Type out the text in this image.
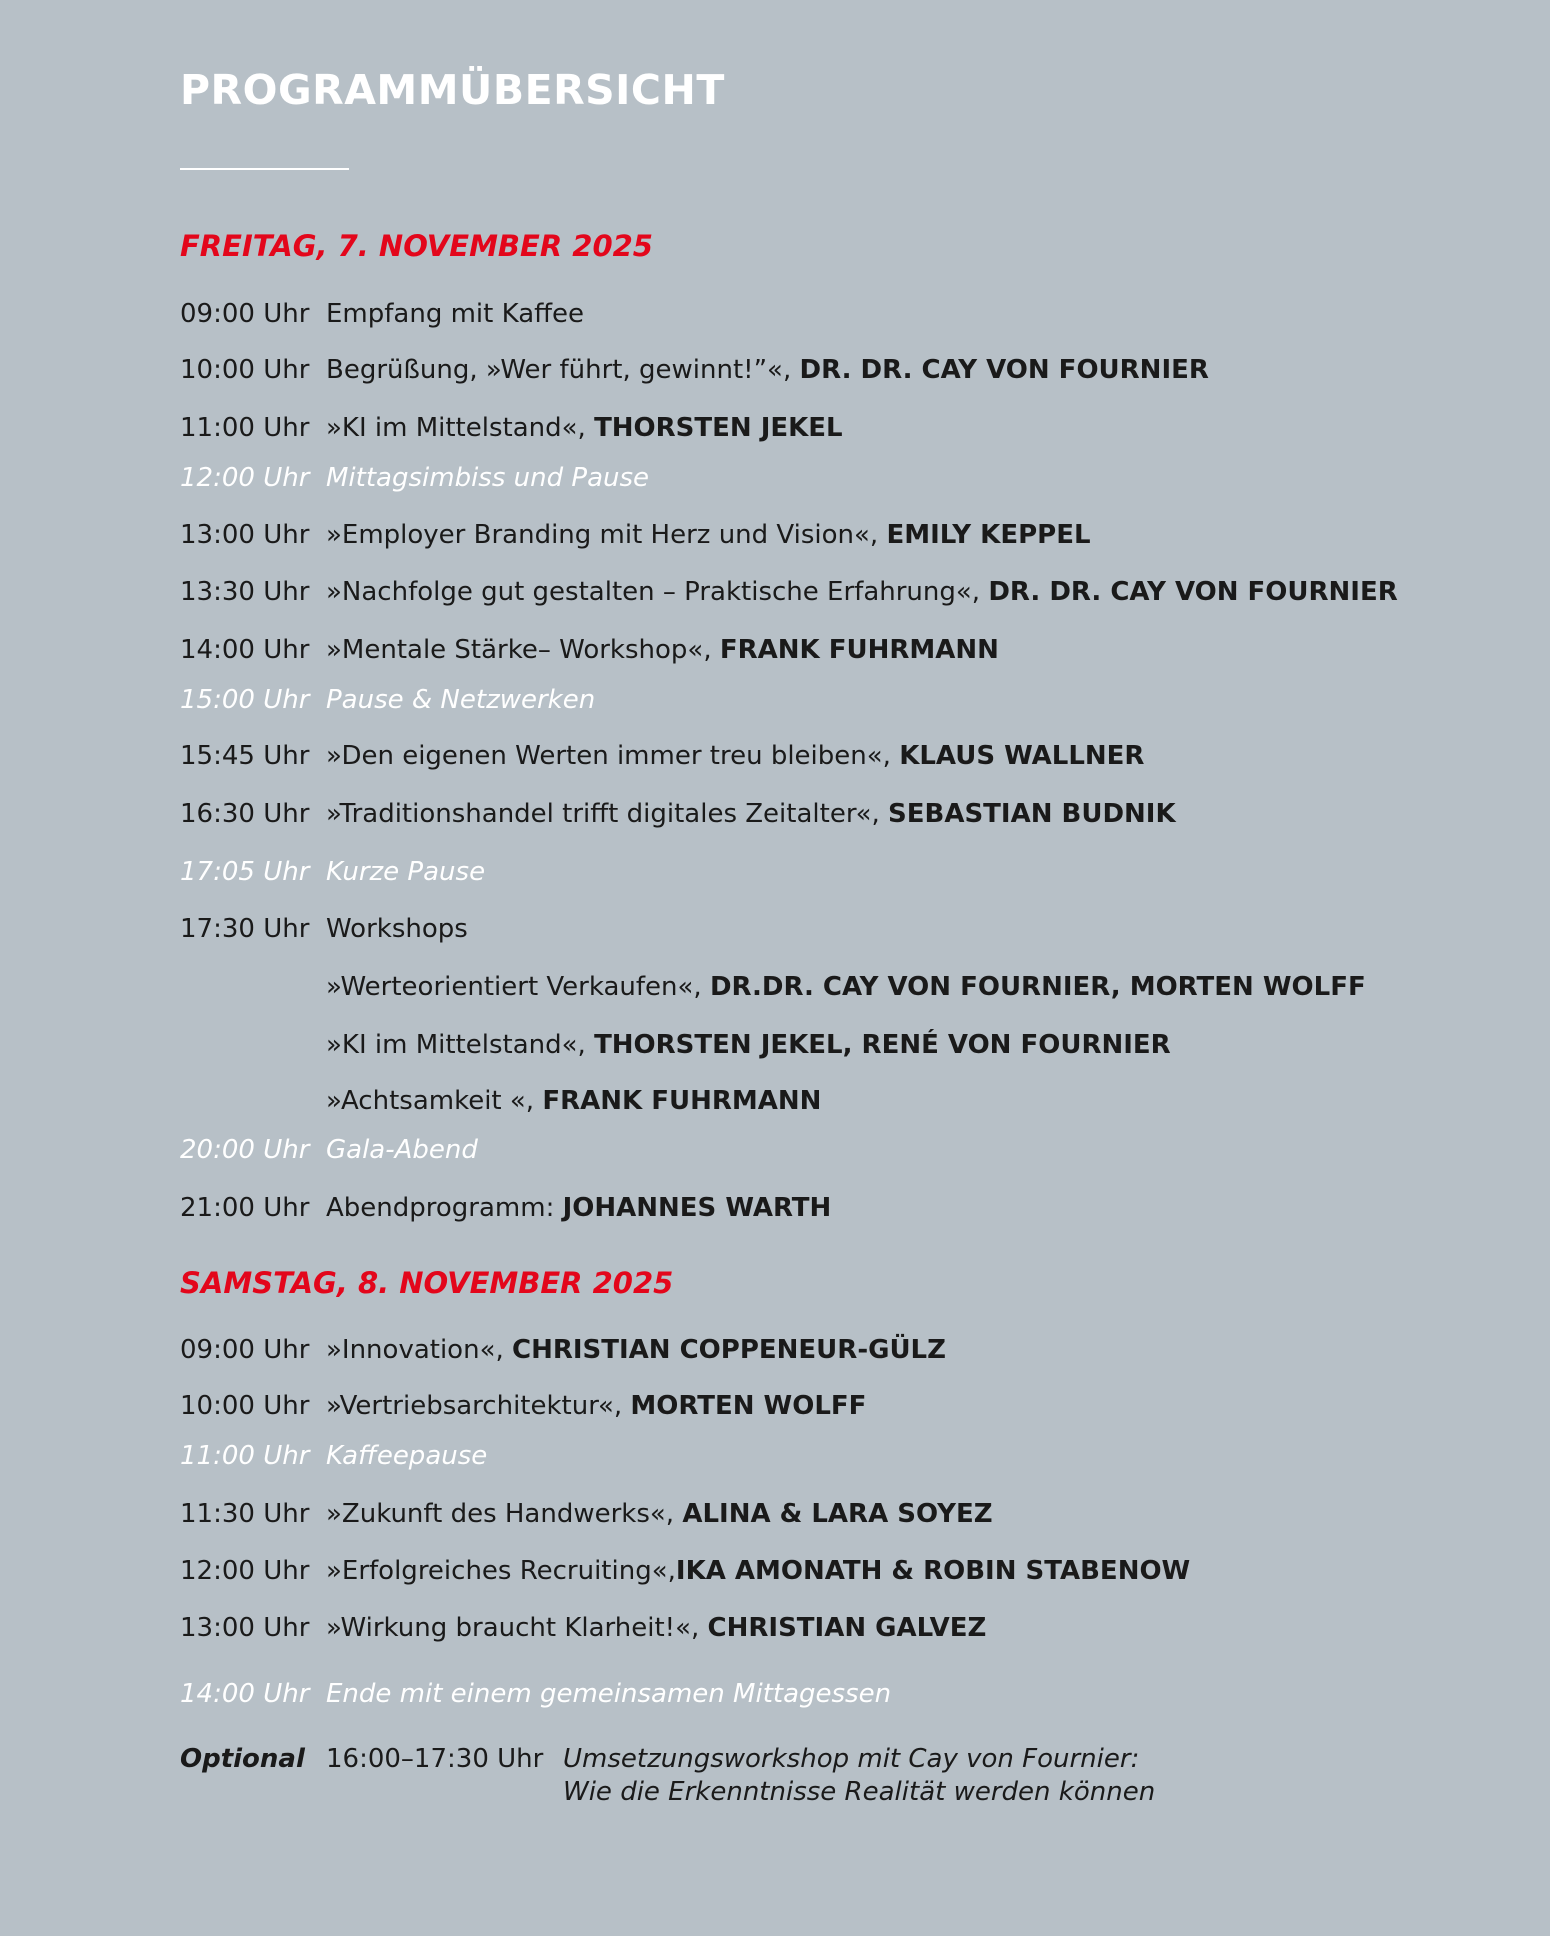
PROGRAMMÜBERSICHT
FREITAG, 7. NOVEMBER 2025
09:00 Uhr Empfang mit Kaffee
10:00 Uhr Begrüßung, »Wer führt, gewinnt!”«, DR. DR. CAY VON FOURNIER
11:00 Uhr »KI im Mittelstand«, THORSTEN JEKEL
12:00 Uhr Mittagsimbiss und Pause
13:00 Uhr »Employer Branding mit Herz und Vision«, EMILY KEPPEL
13:30 Uhr »Nachfolge gut gestalten – Praktische Erfahrung«, DR. DR. CAY VON FOURNIER
14:00 Uhr »Mentale Stärke– Workshop«, FRANK FUHRMANN
15:00 Uhr Pause & Netzwerken
15:45 Uhr »Den eigenen Werten immer treu bleiben«, KLAUS WALLNER
16:30 Uhr »Traditionshandel trifft digitales Zeitalter«, SEBASTIAN BUDNIK
17:05 Uhr Kurze Pause
17:30 Uhr Workshops
»Werteorientiert Verkaufen«, DR.DR. CAY VON FOURNIER, MORTEN WOLFF
»KI im Mittelstand«, THORSTEN JEKEL, RENÉ VON FOURNIER
»Achtsamkeit «, FRANK FUHRMANN
20:00 Uhr Gala-Abend
21:00 Uhr Abendprogramm: JOHANNES WARTH
SAMSTAG, 8. NOVEMBER 2025
09:00 Uhr »Innovation«, CHRISTIAN COPPENEUR-GÜLZ
10:00 Uhr »Vertriebsarchitektur«, MORTEN WOLFF
11:00 Uhr Kaffeepause
11:30 Uhr »Zukunft des Handwerks«, ALINA & LARA SOYEZ
12:00 Uhr »Erfolgreiches Recruiting«,IKA AMONATH & ROBIN STABENOW
13:00 Uhr »Wirkung braucht Klarheit!«, CHRISTIAN GALVEZ
14:00 Uhr Ende mit einem gemeinsamen Mittagessen
Optional 16:00–17:30 Uhr Umsetzungsworkshop mit Cay von Fournier:
Wie die Erkenntnisse Realität werden können
